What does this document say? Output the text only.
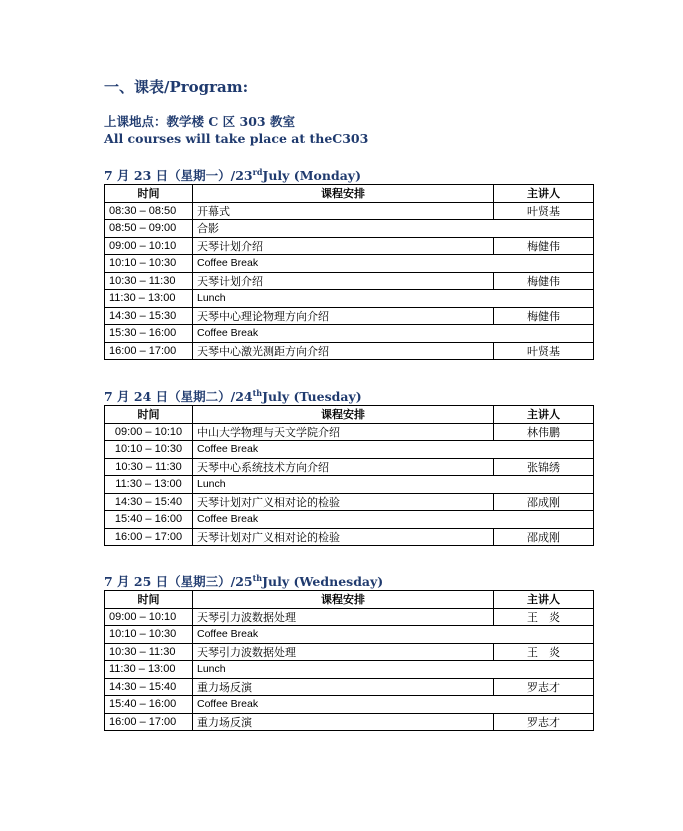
一、课表/Program:
上课地点：教学楼 C 区 303 教室
All courses will take place at theC303
7 月 23 日（星期一）/23rdJuly (Monday)
时间	课程安排	主讲人
08:30 – 08:50	开幕式	叶贤基
08:50 – 09:00	合影	
09:00 – 10:10	天琴计划介绍	梅健伟
10:10 – 10:30	Coffee Break	
10:30 – 11:30	天琴计划介绍	梅健伟
11:30 – 13:00	Lunch	
14:30 – 15:30	天琴中心理论物理方向介绍	梅健伟
15:30 – 16:00	Coffee Break	
16:00 – 17:00	天琴中心激光测距方向介绍	叶贤基
7 月 24 日（星期二）/24thJuly (Tuesday)
时间	课程安排	主讲人
09:00 – 10:10	中山大学物理与天文学院介绍	林伟鹏
10:10 – 10:30	Coffee Break	
10:30 – 11:30	天琴中心系统技术方向介绍	张锦绣
11:30 – 13:00	Lunch	
14:30 – 15:40	天琴计划对广义相对论的检验	邵成刚
15:40 – 16:00	Coffee Break	
16:00 – 17:00	天琴计划对广义相对论的检验	邵成刚
7 月 25 日（星期三）/25thJuly (Wednesday)
时间	课程安排	主讲人
09:00 – 10:10	天琴引力波数据处理	王　炎
10:10 – 10:30	Coffee Break	
10:30 – 11:30	天琴引力波数据处理	王　炎
11:30 – 13:00	Lunch	
14:30 – 15:40	重力场反演	罗志才
15:40 – 16:00	Coffee Break	
16:00 – 17:00	重力场反演	罗志才
